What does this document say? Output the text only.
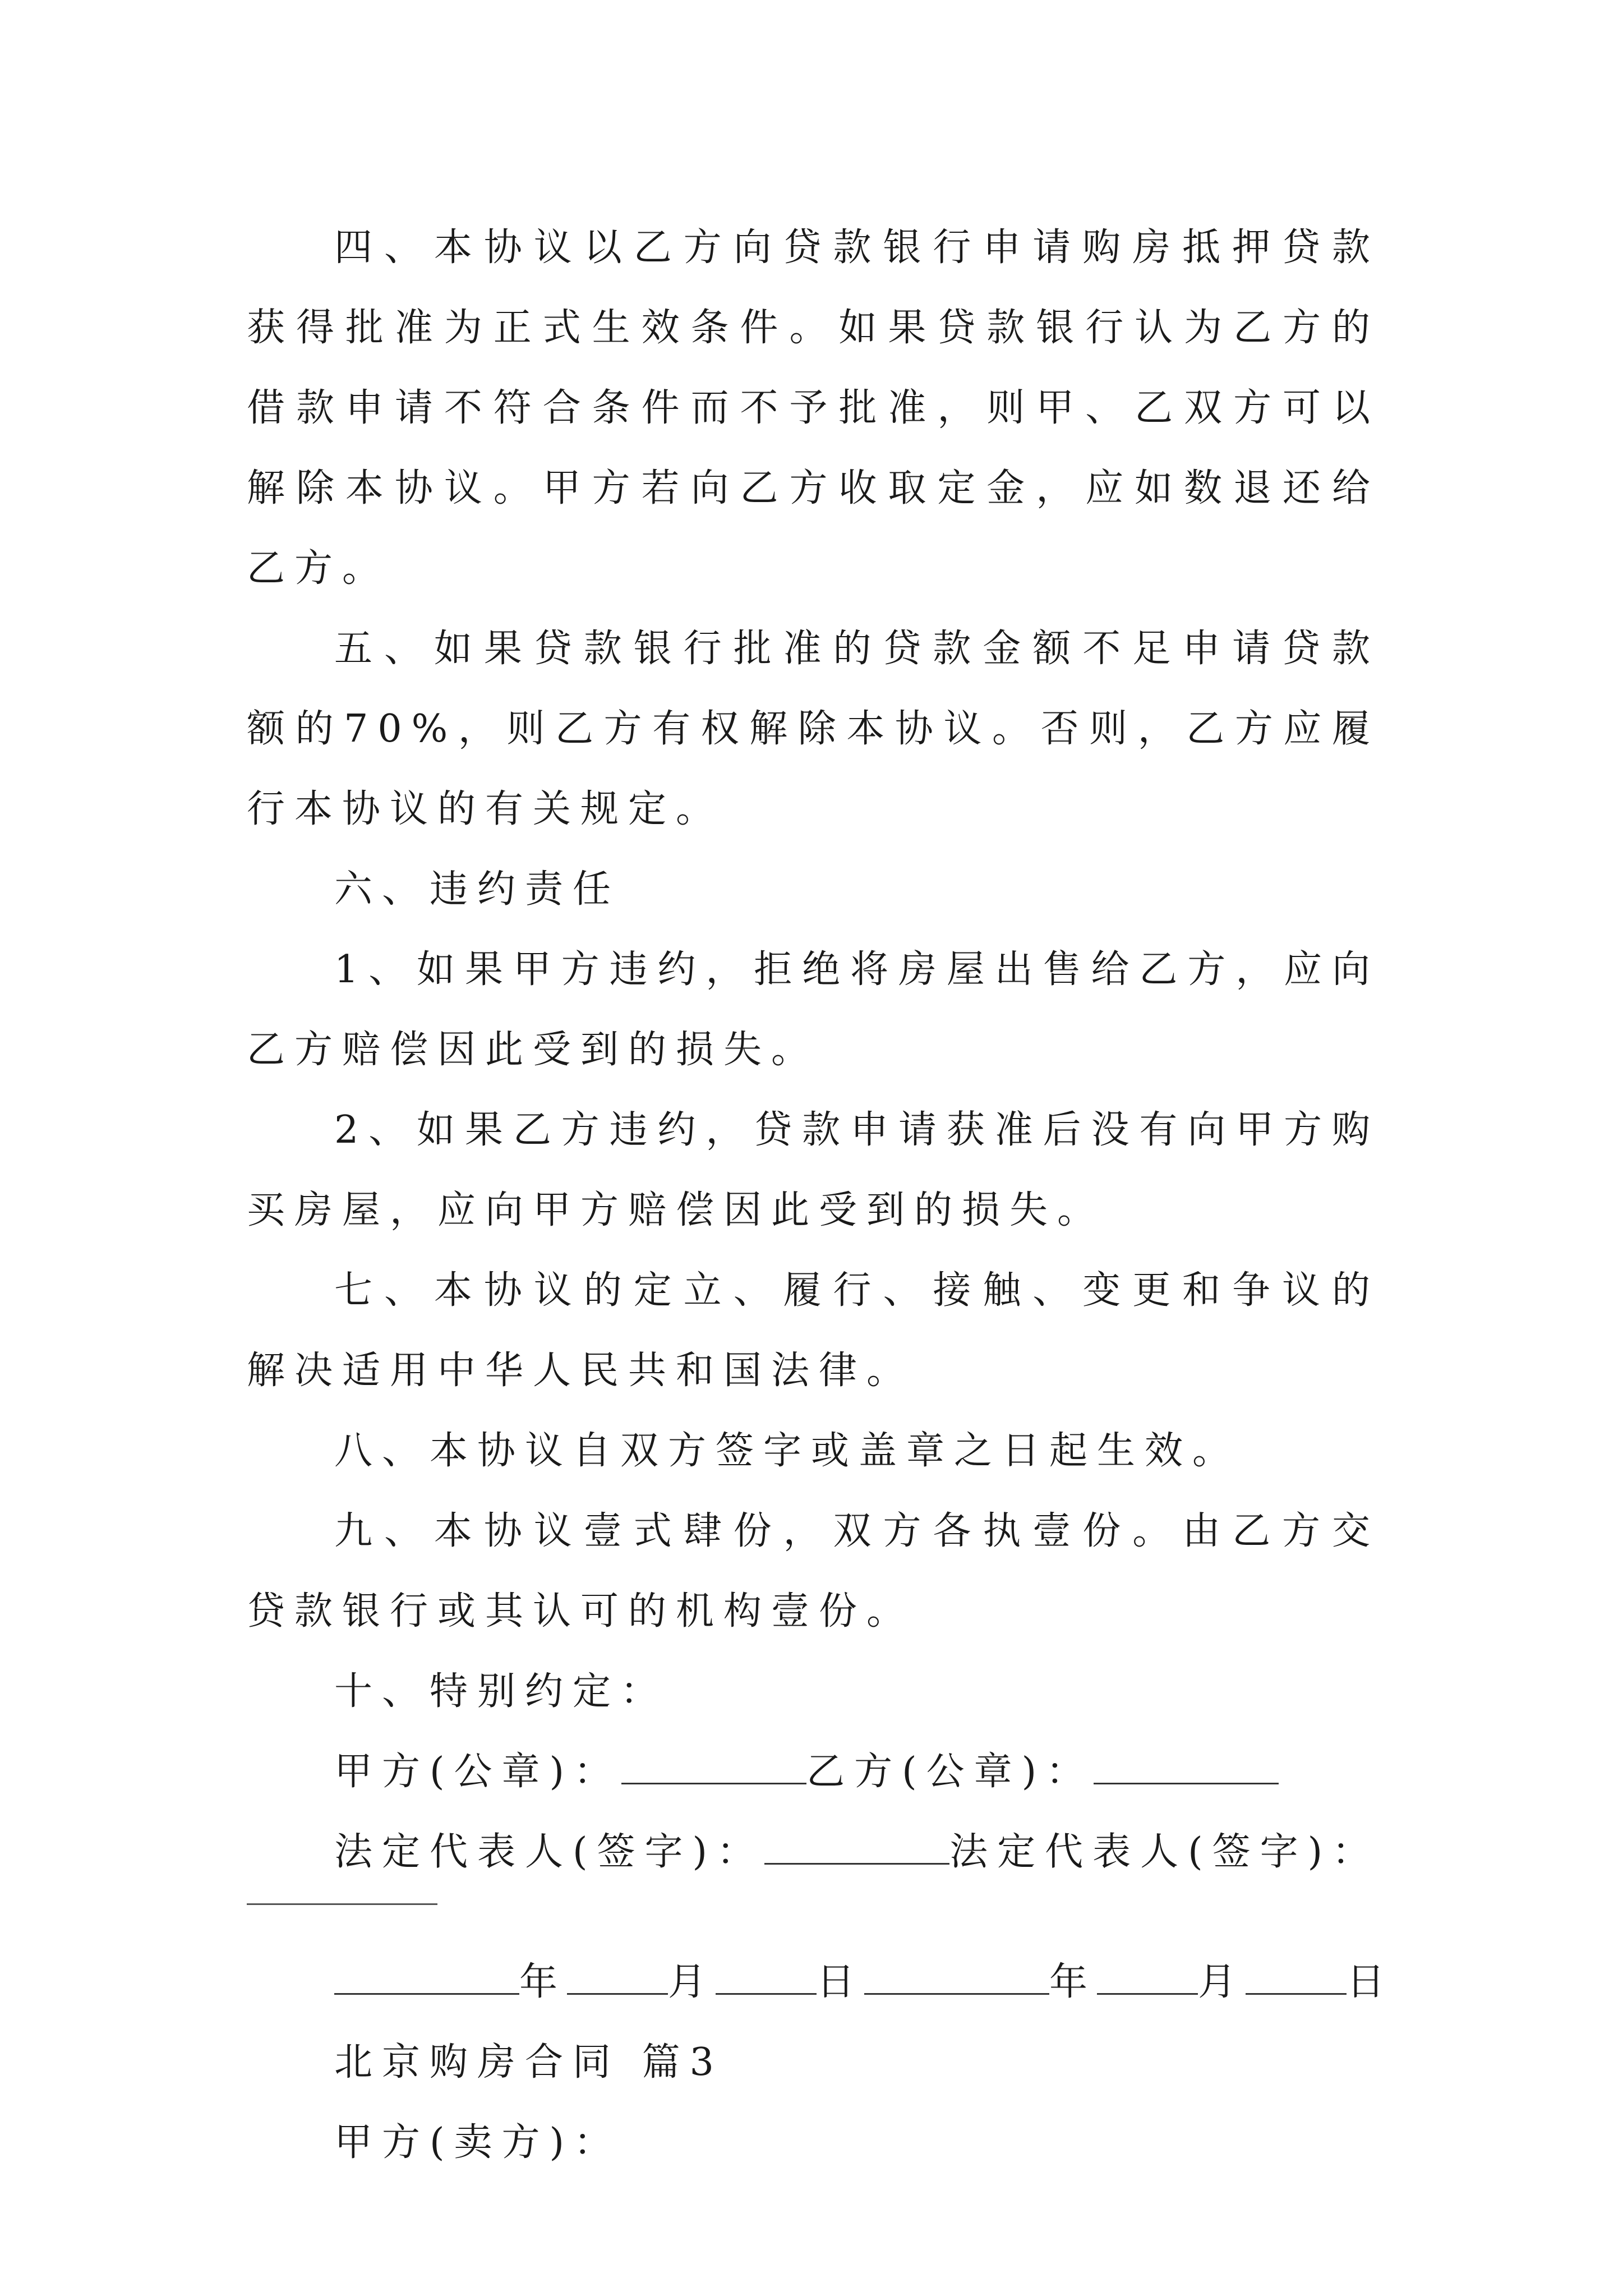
四、本协议以乙方向贷款银行申请购房抵押贷款获得批准为正式生效条件。如果贷款银行认为乙方的借款申请不符合条件而不予批准，则甲、乙双方可以解除本协议。甲方若向乙方收取定金，应如数退还给乙方。

五、如果贷款银行批准的贷款金额不足申请贷款额的70%，则乙方有权解除本协议。否则，乙方应履行本协议的有关规定。

六、违约责任

1、如果甲方违约，拒绝将房屋出售给乙方，应向乙方赔偿因此受到的损失。

2、如果乙方违约，贷款申请获准后没有向甲方购买房屋，应向甲方赔偿因此受到的损失。

七、本协议的定立、履行、接触、变更和争议的解决适用中华人民共和国法律。

八、本协议自双方签字或盖章之日起生效。

九、本协议壹式肆份，双方各执壹份。由乙方交贷款银行或其认可的机构壹份。

十、特别约定：

甲方(公章)：	乙方(公章)：
法定代表人(签字)：	法定代表人(签字)：
年	月	日	年	月	日
北京购房合同 篇3
甲方(卖方)：
